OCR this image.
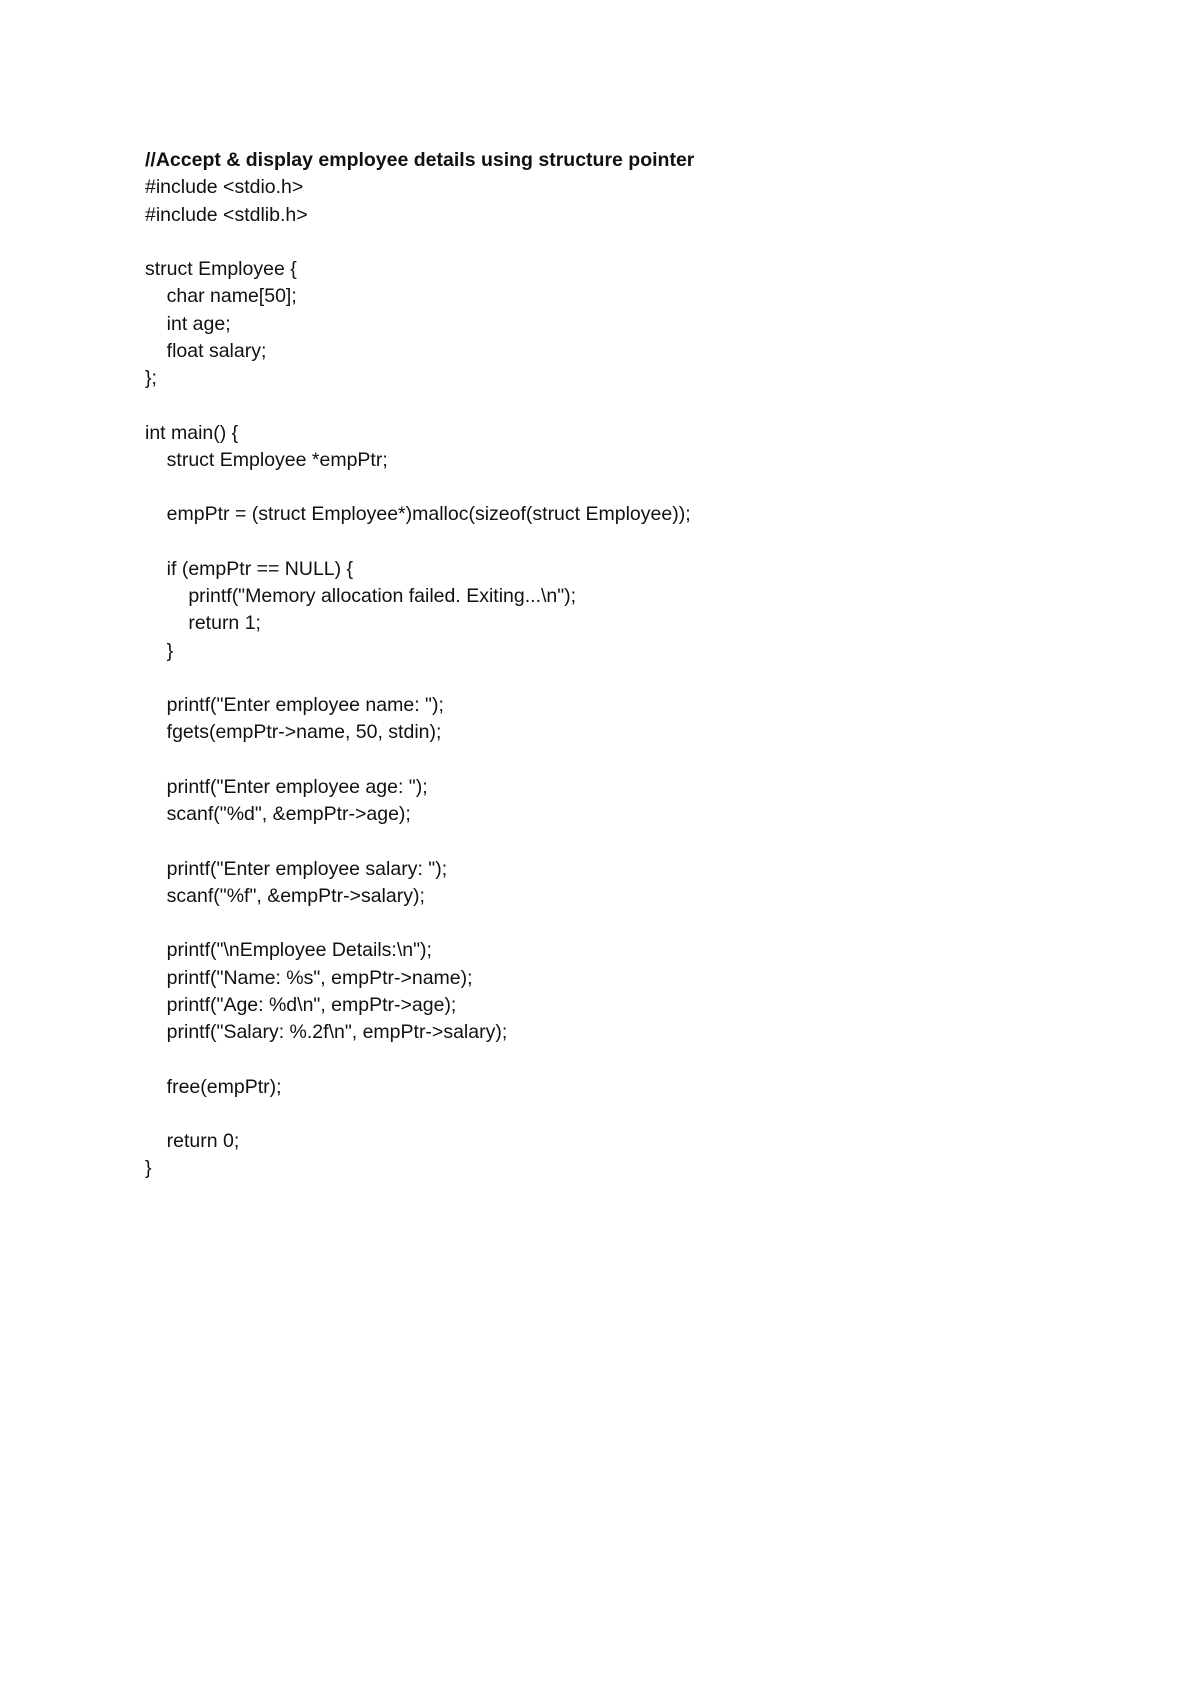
//Accept & display employee details using structure pointer
#include <stdio.h>
#include <stdlib.h>
struct Employee {
char name[50];
int age;
float salary;
};
int main() {
struct Employee *empPtr;
empPtr = (struct Employee*)malloc(sizeof(struct Employee));
if (empPtr == NULL) {
printf("Memory allocation failed. Exiting...\n");
return 1;
}
printf("Enter employee name: ");
fgets(empPtr->name, 50, stdin);
printf("Enter employee age: ");
scanf("%d", &empPtr->age);
printf("Enter employee salary: ");
scanf("%f", &empPtr->salary);
printf("\nEmployee Details:\n");
printf("Name: %s", empPtr->name);
printf("Age: %d\n", empPtr->age);
printf("Salary: %.2f\n", empPtr->salary);
free(empPtr);
return 0;
}
